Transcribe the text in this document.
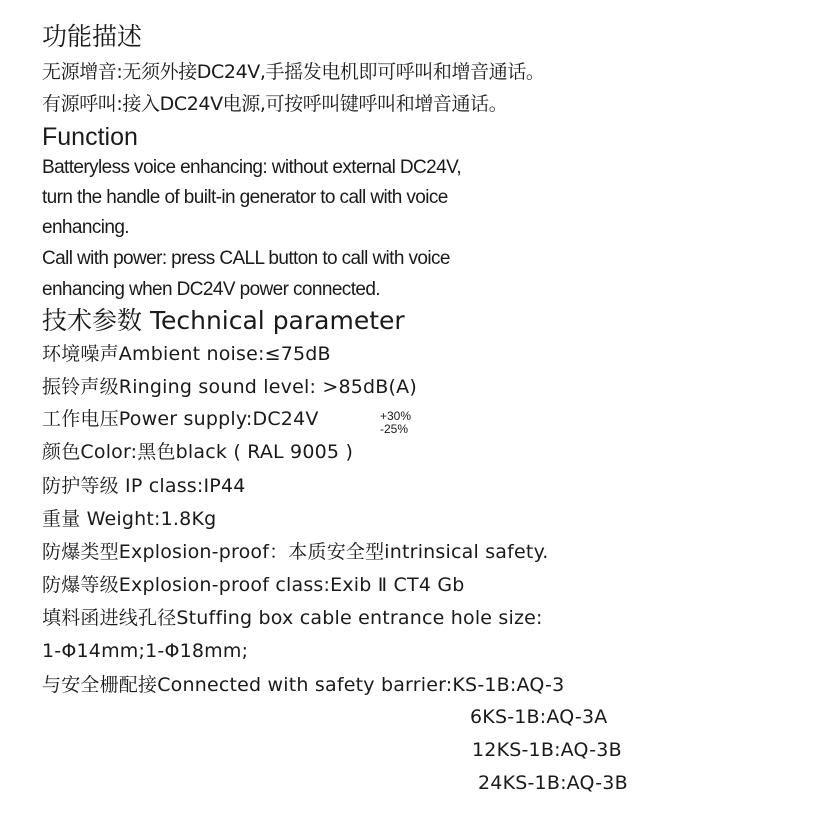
功能描述
无源增音:无须外接DC24V,手摇发电机即可呼叫和增音通话。
有源呼叫:接入DC24V电源,可按呼叫键呼叫和增音通话。
Function
Batteryless voice enhancing: without external DC24V,
turn the handle of built-in generator to call with voice
enhancing.
Call with power: press CALL button to call with voice
enhancing when DC24V power connected.
技术参数 Technical parameter
环境噪声Ambient noise:≤75dB
振铃声级Ringing sound level: >85dB(A)
工作电压Power supply:DC24V	+30%
-25%
颜色Color:黑色black ( RAL 9005 )
防护等级 IP class:IP44
重量 Weight:1.8Kg
防爆类型Explosion-proof：本质安全型intrinsical safety.
防爆等级Explosion-proof class:Exib Ⅱ CT4 Gb
填料函进线孔径Stuffing box cable entrance hole size:
1-Φ14mm;1-Φ18mm;
与安全栅配接Connected with safety barrier:KS-1B:AQ-3
6KS-1B:AQ-3A
12KS-1B:AQ-3B
24KS-1B:AQ-3B
